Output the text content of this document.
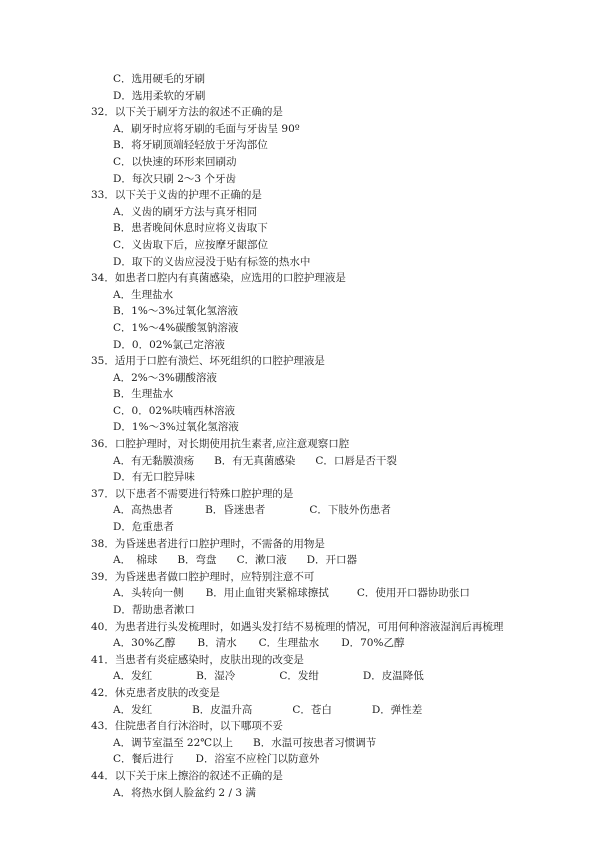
C．选用硬毛的牙刷
D．选用柔软的牙刷
32．以下关于刷牙方法的叙述不正确的是
A．刷牙时应将牙刷的毛面与牙齿呈 90º
B．将牙刷顶端轻轻放于牙沟部位
C．以快速的环形来回刷动
D．每次只刷 2～3 个牙齿
33．以下关于义齿的护理不正确的是
A．义齿的刷牙方法与真牙相同
B．患者晚间休息时应将义齿取下
C．义齿取下后，应按摩牙龈部位
D．取下的义齿应浸没于贴有标签的热水中
34．如患者口腔内有真菌感染，应选用的口腔护理液是
A．生理盐水
B．1%～3%过氧化氢溶液
C．1%～4%碳酸氢钠溶液
D．0．02%氯己定溶液
35．适用于口腔有溃烂、坏死组织的口腔护理液是
A．2%～3%硼酸溶液
B．生理盐水
C．0．02%呋喃西林溶液
D．1%～3%过氧化氢溶液
36．口腔护理时，对长期使用抗生素者,应注意观察口腔
A．有无黏膜溃疡 B．有无真菌感染 C．口唇是否干裂
D．有无口腔异味
37．以下患者不需要进行特殊口腔护理的是
A．高热患者	B．昏迷患者	C．下肢外伤患者
D．危重患者
38．为昏迷患者进行口腔护理时，不需备的用物是
A．　棉球 B．弯盘 C．漱口液 D．开口器
39．为昏迷患者做口腔护理时，应特别注意不可
A．头转向一侧 B．用止血钳夹紧棉球擦拭	C．使用开口器协助张口
D．帮助患者漱口
40．为患者进行头发梳理时，如遇头发打结不易梳理的情况，可用何种溶液湿润后再梳理
A．30%乙醇 B．清水 C．生理盐水 D．70%乙醇
41．当患者有炎症感染时，皮肤出现的改变是
A．发红	B．湿冷	C．发绀	D．皮温降低
42．休克患者皮肤的改变是
A．发红	B．皮温升高	C．苍白	D．弹性差
43．住院患者自行沐浴时，以下哪项不妥
A．调节室温至 22℃以上 B．水温可按患者习惯调节
C．餐后进行 D．浴室不应栓门以防意外
44．以下关于床上擦浴的叙述不正确的是
A．将热水倒人脸盆约 2 / 3 满
